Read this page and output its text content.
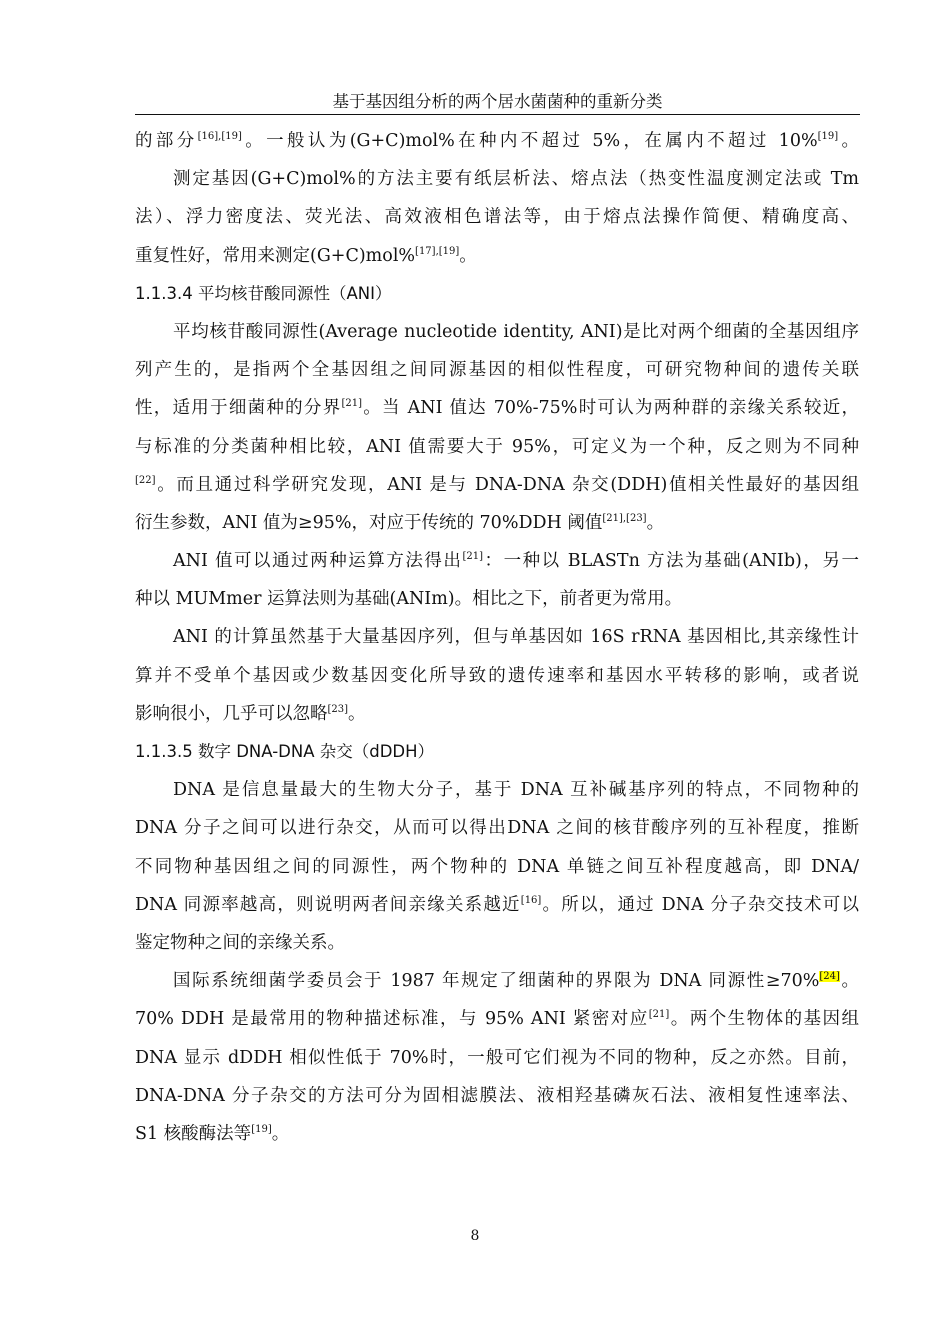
基于基因组分析的两个居水菌菌种的重新分类
的部分[16],[19]。一般认为(G+C)mol%在种内不超过 5%，在属内不超过 10%[19]。
测定基因(G+C)mol%的方法主要有纸层析法、熔点法（热变性温度测定法或 Tm
法）、浮力密度法、荧光法、高效液相色谱法等，由于熔点法操作简便、精确度高、
重复性好，常用来测定(G+C)mol%[17],[19]。
1.1.3.4 平均核苷酸同源性（ANI）
平均核苷酸同源性(Average nucleotide identity, ANI)是比对两个细菌的全基因组序
列产生的，是指两个全基因组之间同源基因的相似性程度，可研究物种间的遗传关联
性，适用于细菌种的分界[21]。当 ANI 值达 70%-75%时可认为两种群的亲缘关系较近，
与标准的分类菌种相比较，ANI 值需要大于 95%，可定义为一个种，反之则为不同种
[22]。而且通过科学研究发现，ANI 是与 DNA-DNA 杂交(DDH)值相关性最好的基因组
衍生参数，ANI 值为≥95%，对应于传统的 70%DDH 阈值[21],[23]。
ANI 值可以通过两种运算方法得出[21]：一种以 BLASTn 方法为基础(ANIb)，另一
种以 MUMmer 运算法则为基础(ANIm)。相比之下，前者更为常用。
ANI 的计算虽然基于大量基因序列，但与单基因如 16S rRNA 基因相比,其亲缘性计
算并不受单个基因或少数基因变化所导致的遗传速率和基因水平转移的影响，或者说
影响很小，几乎可以忽略[23]。
1.1.3.5 数字 DNA-DNA 杂交（dDDH）
DNA 是信息量最大的生物大分子，基于 DNA 互补碱基序列的特点，不同物种的
DNA 分子之间可以进行杂交，从而可以得出DNA 之间的核苷酸序列的互补程度，推断
不同物种基因组之间的同源性，两个物种的 DNA 单链之间互补程度越高，即 DNA/
DNA 同源率越高，则说明两者间亲缘关系越近[16]。所以，通过 DNA 分子杂交技术可以
鉴定物种之间的亲缘关系。
国际系统细菌学委员会于 1987 年规定了细菌种的界限为 DNA 同源性≥70%[24]。
70% DDH 是最常用的物种描述标准，与 95% ANI 紧密对应[21]。两个生物体的基因组
DNA 显示 dDDH 相似性低于 70%时，一般可它们视为不同的物种，反之亦然。目前，
DNA-DNA 分子杂交的方法可分为固相滤膜法、液相羟基磷灰石法、液相复性速率法、
S1 核酸酶法等[19]。
8
